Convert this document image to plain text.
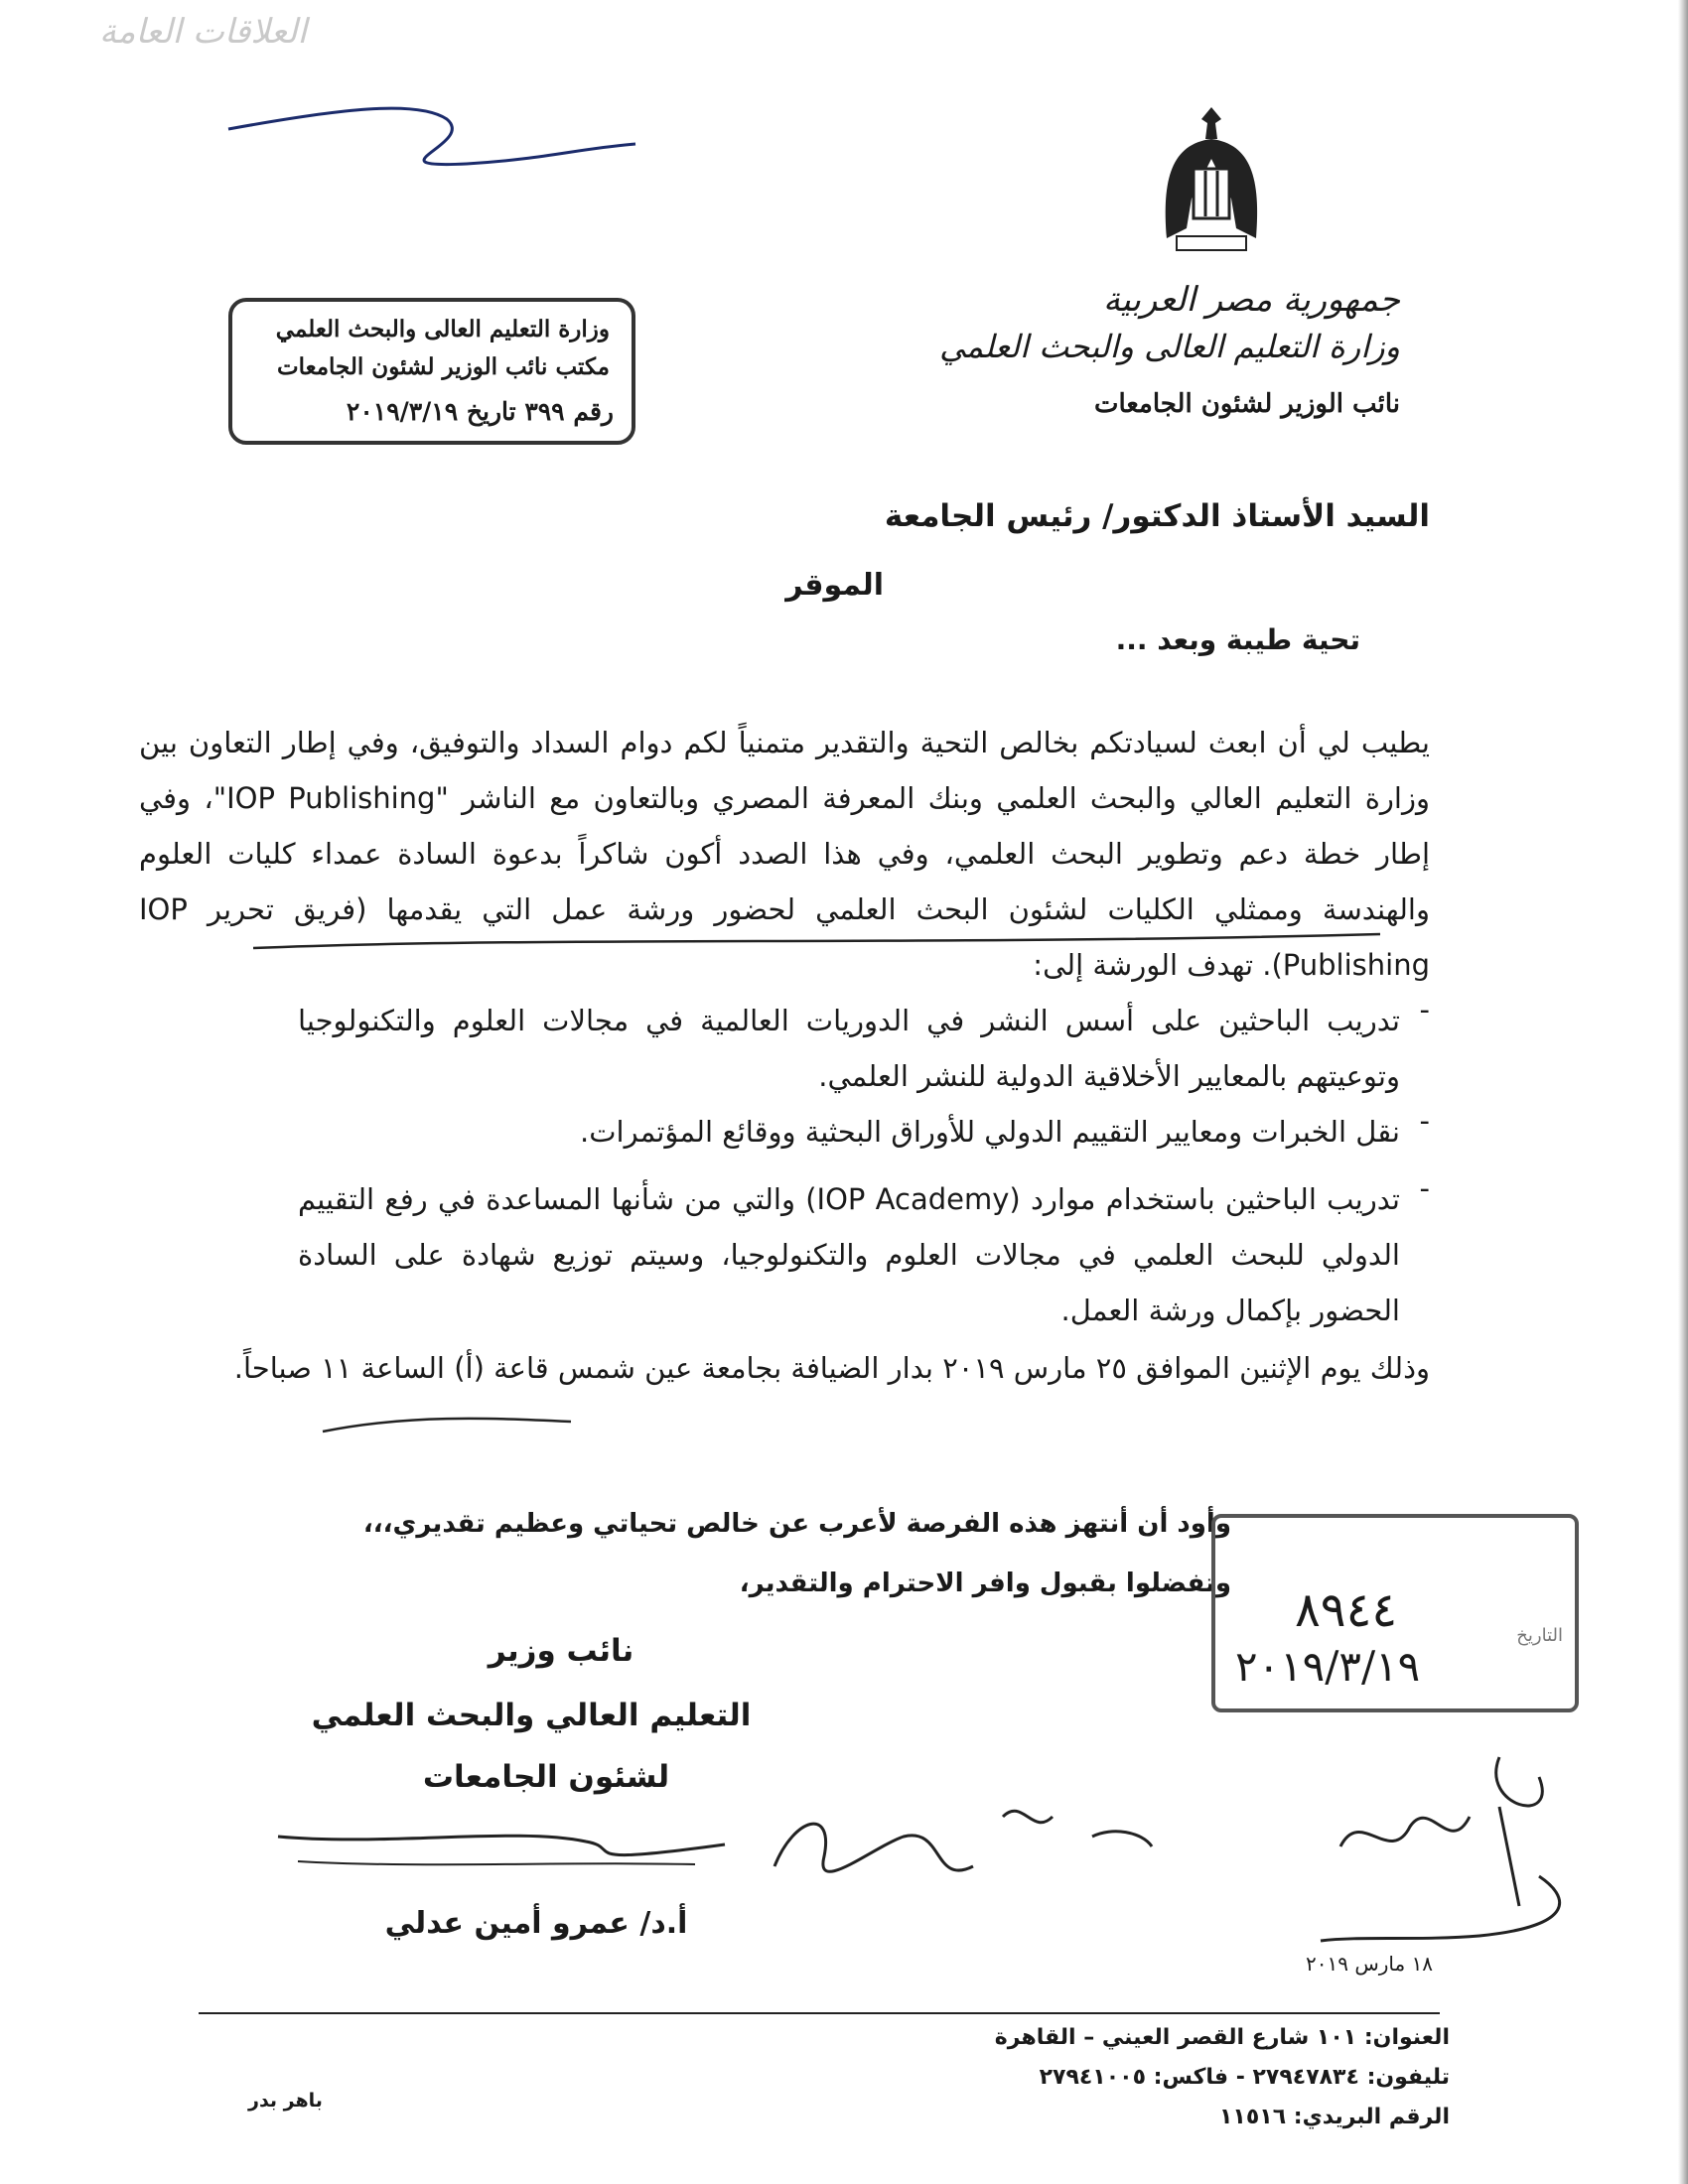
العلاقات العامة
جمهورية مصر العربية
وزارة التعليم العالى والبحث العلمي
نائب الوزير لشئون الجامعات
وزارة التعليم العالى والبحث العلمي
مكتب نائب الوزير لشئون الجامعات
رقم ٣٩٩ تاريخ ٢٠١٩/٣/١٩
السيد الأستاذ الدكتور/ رئيس الجامعة
الموقر
تحية طيبة وبعد ...
يطيب لي أن ابعث لسيادتكم بخالص التحية والتقدير متمنياً لكم دوام السداد والتوفيق، وفي إطار التعاون بين وزارة التعليم العالي والبحث العلمي وبنك المعرفة المصري وبالتعاون مع الناشر "IOP Publishing"، وفي إطار خطة دعم وتطوير البحث العلمي، وفي هذا الصدد أكون شاكراً بدعوة السادة عمداء كليات العلوم والهندسة وممثلي الكليات لشئون البحث العلمي لحضور ورشة عمل التي يقدمها (فريق تحرير IOP Publishing). تهدف الورشة إلى:
-
تدريب الباحثين على أسس النشر في الدوريات العالمية في مجالات العلوم والتكنولوجيا وتوعيتهم بالمعايير الأخلاقية الدولية للنشر العلمي.
-
نقل الخبرات ومعايير التقييم الدولي للأوراق البحثية ووقائع المؤتمرات.
-
تدريب الباحثين باستخدام موارد (IOP Academy) والتي من شأنها المساعدة في رفع التقييم الدولي للبحث العلمي في مجالات العلوم والتكنولوجيا، وسيتم توزيع شهادة على السادة الحضور بإكمال ورشة العمل.
وذلك يوم الإثنين الموافق ٢٥ مارس ٢٠١٩ بدار الضيافة بجامعة عين شمس قاعة (أ) الساعة ١١ صباحاً.
وأود أن أنتهز هذه الفرصة لأعرب عن خالص تحياتي وعظيم تقديري،،،
وتفضلوا بقبول وافر الاحترام والتقدير،
نائب وزير
التعليم العالي والبحث العلمي
لشئون الجامعات
أ.د/ عمرو أمين عدلي
٨٩٤٤	التاريخ
٢٠١٩/٣/١٩
١٨ مارس ٢٠١٩
العنوان: ١٠١ شارع القصر العيني – القاهرة
تليفون: ٢٧٩٤٧٨٣٤ - فاكس: ٢٧٩٤١٠٠٥
الرقم البريدي: ١١٥١٦
باهر بدر
